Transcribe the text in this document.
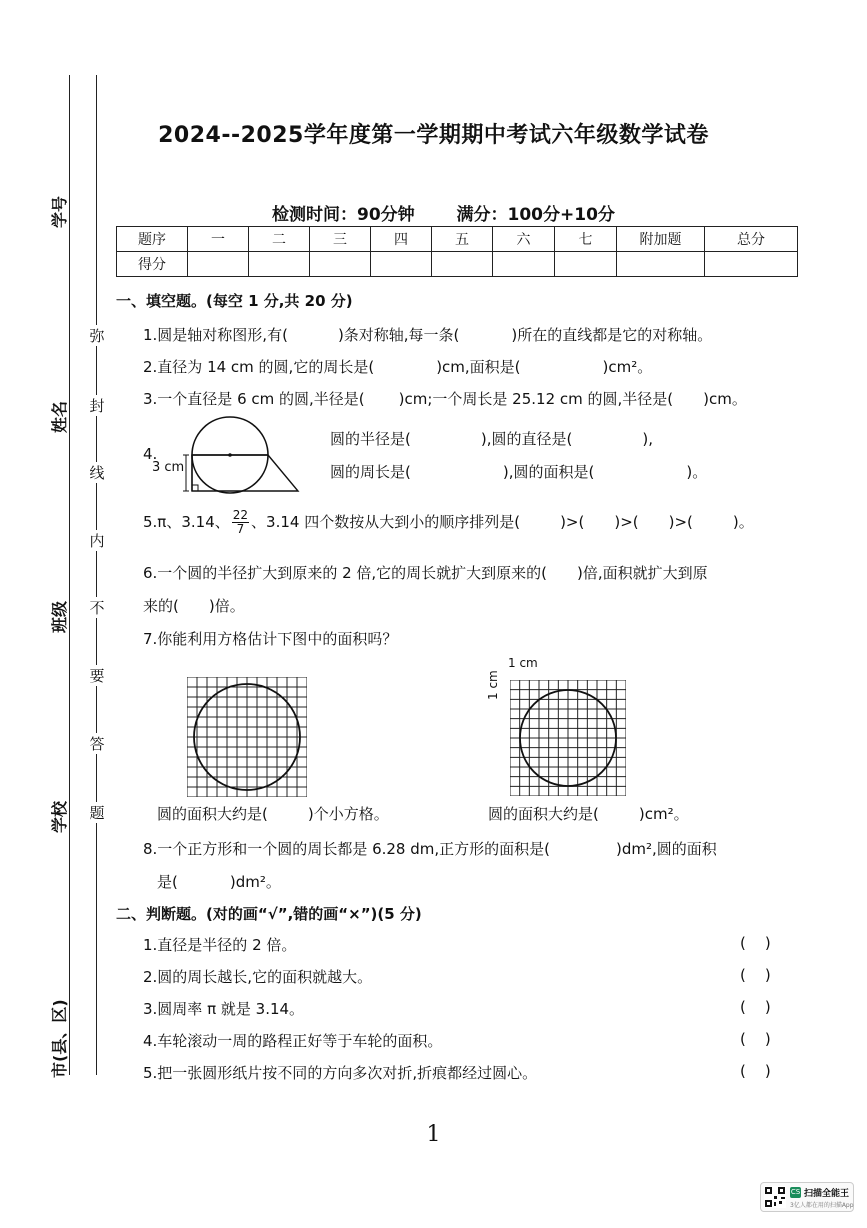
学号
姓名
班级
学校
市(县、区)
弥
封
线
内
不
要
答
题
2024--2025学年度第一学期期中考试六年级数学试卷
检测时间：90分钟 满分：100分+10分
题序	一	二	三	四	五	六	七	附加题	总分
得分									
一、填空题。(每空 1 分,共 20 分)
1.圆是轴对称图形,有(	)条对称轴,每一条(	)所在的直线都是它的对称轴。
2.直径为 14 cm 的圆,它的周长是(	)cm,面积是(	)cm²。
3.一个直径是 6 cm 的圆,半径是( )cm;一个周长是 25.12 cm 的圆,半径是( )cm。
4.
3 cm
圆的半径是(	),圆的直径是(	),
圆的周长是(	),圆的面积是(	)。
5.π、3.14、 $\frac{22}{7}$ 、3.14 四个数按从大到小的顺序排列是(	)>( )>( )>(	)。
6.一个圆的半径扩大到原来的 2 倍,它的周长就扩大到原来的( )倍,面积就扩大到原
来的( )倍。
7.你能利用方格估计下图中的面积吗？
1 cm
1 cm
圆的面积大约是(	)个小方格。	圆的面积大约是(	)cm²。
8.一个正方形和一个圆的周长都是 6.28 dm,正方形的面积是(	)dm²,圆的面积
是(	)dm²。
二、判断题。(对的画“√”,错的画“×”)(5 分)
1.直径是半径的 2 倍。	(    )
2.圆的周长越长,它的面积就越大。	(    )
3.圆周率 π 就是 3.14。	(    )
4.车轮滚动一周的路程正好等于车轮的面积。	(    )
5.把一张圆形纸片按不同的方向多次对折,折痕都经过圆心。	(    )
1
CS 扫描全能王
3亿人都在用的扫描App
